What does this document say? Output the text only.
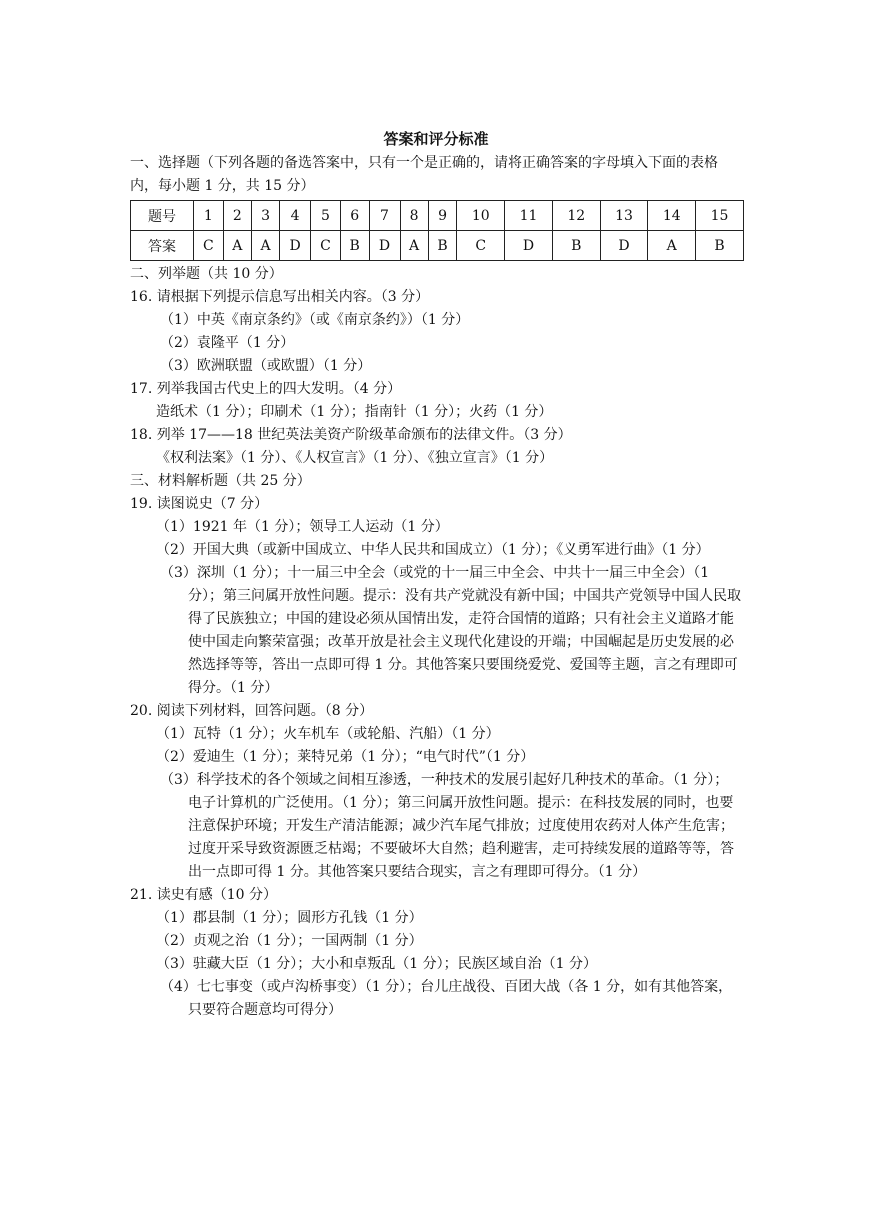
答案和评分标准
一、选择题（下列各题的备选答案中，只有一个是正确的，请将正确答案的字母填入下面的表格内，每小题 1 分，共 15 分）
题号	1	2	3	4	5	6	7	8	9	10	11	12	13	14	15
答案	C	A	A	D	C	B	D	A	B	C	D	B	D	A	B
二、列举题（共 10 分）
16. 请根据下列提示信息写出相关内容。（3 分）
（1）中英《南京条约》（或《南京条约》）（1 分）
（2）袁隆平（1 分）
（3）欧洲联盟（或欧盟）（1 分）
17. 列举我国古代史上的四大发明。（4 分）
造纸术（1 分）；印刷术（1 分）；指南针（1 分）；火药（1 分）
18. 列举 17——18 世纪英法美资产阶级革命颁布的法律文件。（3 分）
《权利法案》（1 分）、《人权宣言》（1 分）、《独立宣言》（1 分）
三、材料解析题（共 25 分）
19. 读图说史（7 分）
（1）1921 年（1 分）；领导工人运动（1 分）
（2）开国大典（或新中国成立、中华人民共和国成立）（1 分）；《义勇军进行曲》（1 分）
（3）深圳（1 分）；十一届三中全会（或党的十一届三中全会、中共十一届三中全会）（1 分）；第三问属开放性问题。提示：没有共产党就没有新中国；中国共产党领导中国人民取得了民族独立；中国的建设必须从国情出发，走符合国情的道路；只有社会主义道路才能使中国走向繁荣富强；改革开放是社会主义现代化建设的开端；中国崛起是历史发展的必然选择等等，答出一点即可得 1 分。其他答案只要围绕爱党、爱国等主题，言之有理即可得分。（1 分）
20. 阅读下列材料，回答问题。（8 分）
（1）瓦特（1 分）；火车机车（或轮船、汽船）（1 分）
（2）爱迪生（1 分）；莱特兄弟（1 分）；“电气时代”（1 分）
（3）科学技术的各个领域之间相互渗透，一种技术的发展引起好几种技术的革命。（1 分）；电子计算机的广泛使用。（1 分）；第三问属开放性问题。提示：在科技发展的同时，也要注意保护环境；开发生产清洁能源；减少汽车尾气排放；过度使用农药对人体产生危害；过度开采导致资源匮乏枯竭；不要破坏大自然；趋利避害，走可持续发展的道路等等，答出一点即可得 1 分。其他答案只要结合现实，言之有理即可得分。（1 分）
21. 读史有感（10 分）
（1）郡县制（1 分）；圆形方孔钱（1 分）
（2）贞观之治（1 分）；一国两制（1 分）
（3）驻藏大臣（1 分）；大小和卓叛乱（1 分）；民族区域自治（1 分）
（4）七七事变（或卢沟桥事变）（1 分）；台儿庄战役、百团大战（各 1 分，如有其他答案，只要符合题意均可得分）
